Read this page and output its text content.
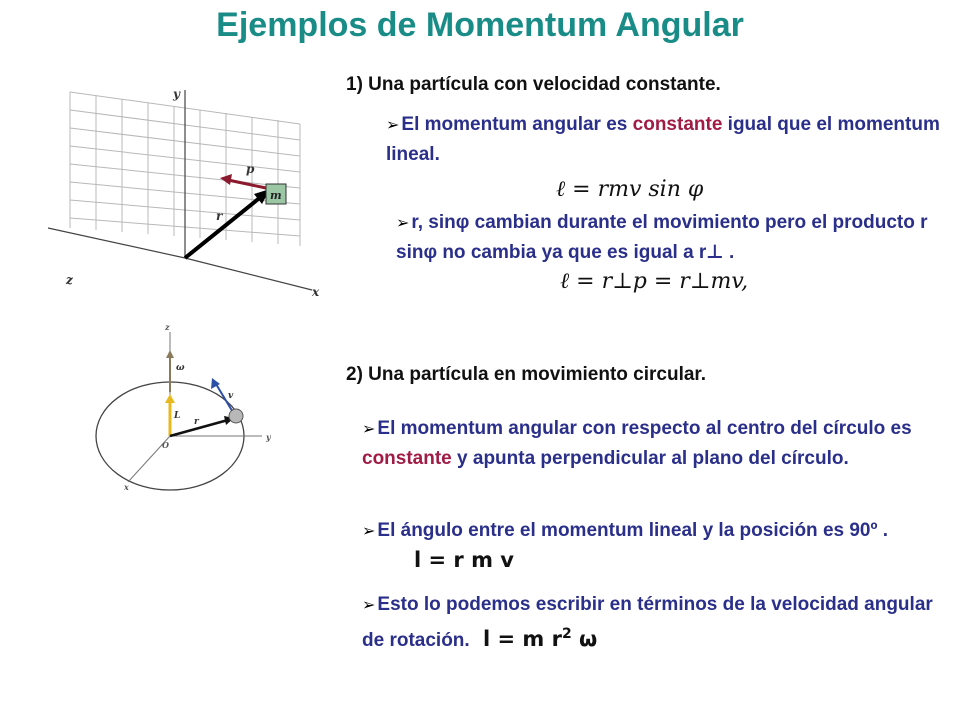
Ejemplos de Momentum Angular
y
z
x
r
m
p
1) Una partícula con velocidad constante.
➢ El momentum angular es constante igual que el momentum lineal.
ℓ = rmv sin φ
➢ r, sinφ cambian durante el movimiento pero el producto r sinφ no cambia ya que es igual a r⊥ .
ℓ = r⊥p = r⊥mv,
z
y
x
ω
L
r
v
O
2) Una partícula en movimiento circular.
➢ El momentum angular con respecto al centro del círculo es constante y apunta perpendicular al plano del círculo.
➢ El ángulo entre el momentum lineal y la posición es 90º . l = r m v
➢ Esto lo podemos escribir en términos de la velocidad angular de rotación. l = m $r^2$ ω
